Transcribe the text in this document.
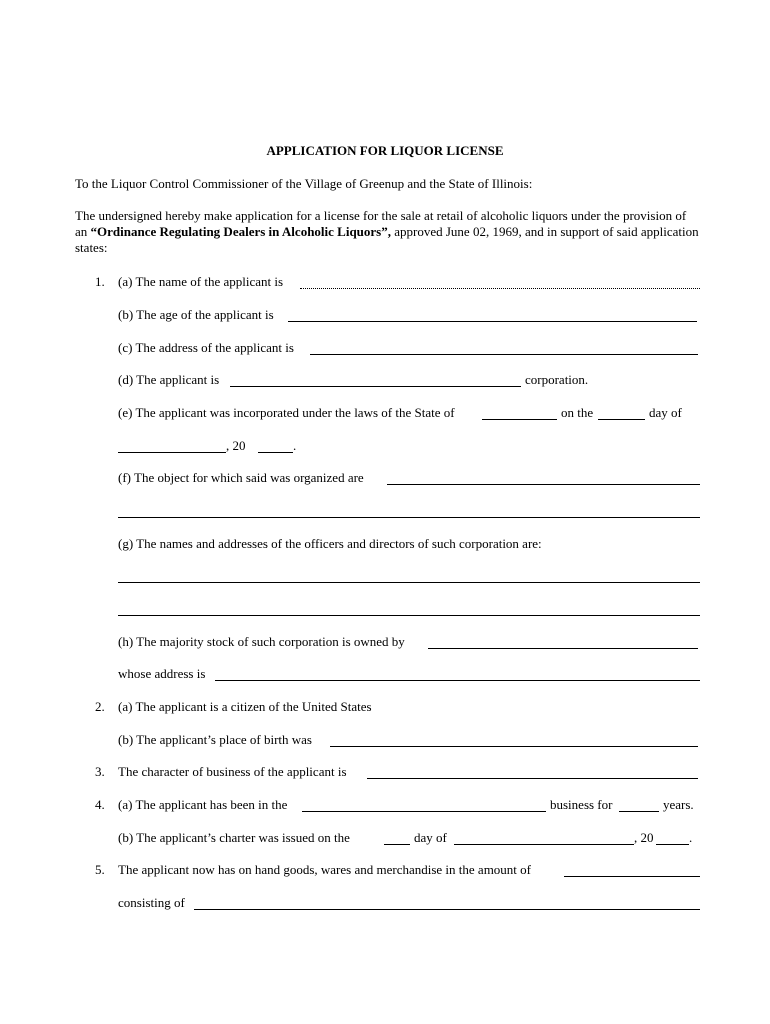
APPLICATION FOR LIQUOR LICENSE
To the Liquor Control Commissioner of the Village of Greenup and the State of Illinois:
The undersigned hereby make application for a license for the sale at retail of alcoholic liquors under the provision of an “Ordinance Regulating Dealers in Alcoholic Liquors”, approved June 02, 1969, and in support of said application states:
1. (a) The name of the applicant is
(b) The age of the applicant is
(c) The address of the applicant is
(d) The applicant is	corporation.
(e) The applicant was incorporated under the laws of the State of	on the	day of
, 20	.
(f) The object for which said was organized are
(g) The names and addresses of the officers and directors of such corporation are:
(h) The majority stock of such corporation is owned by
whose address is
2. (a) The applicant is a citizen of the United States
(b) The applicant’s place of birth was
3. The character of business of the applicant is
4. (a) The applicant has been in the	business for	years.
(b) The applicant’s charter was issued on the	day of	, 20	.
5. The applicant now has on hand goods, wares and merchandise in the amount of
consisting of
